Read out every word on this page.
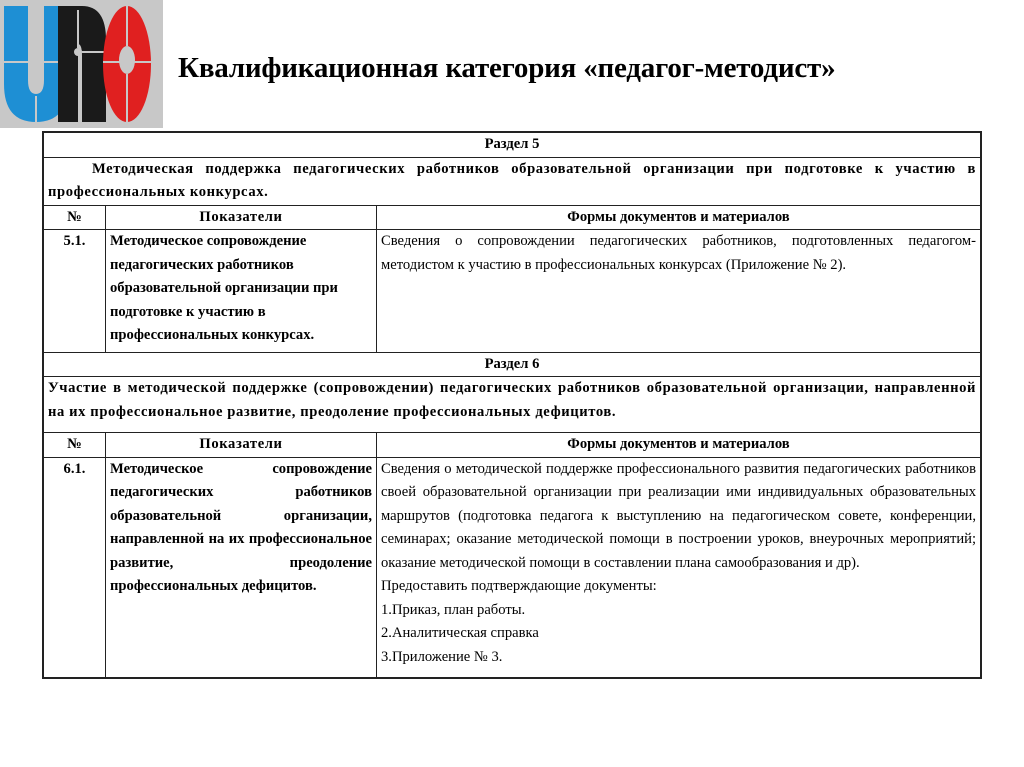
Квалификационная категория «педагог-методист»
Раздел 5		
Методическая поддержка педагогических работников образовательной организации при подготовке к участию в профессиональных конкурсах.		
№	Показатели	Формы документов и материалов
5.1.	Методическое сопровождение педагогических работников образовательной организации при подготовке к участию в профессиональных конкурсах.	Сведения о сопровождении педагогических работников, подготовленных педагогом-методистом к участию в профессиональных конкурсах (Приложение № 2).
Раздел 6		
Участие в методической поддержке (сопровождении) педагогических работников образовательной организации, направленной на их профессиональное развитие, преодоление профессиональных дефицитов.		
№	Показатели	Формы документов и материалов
6.1.	Методическое сопровождение педагогических работников образовательной организации, направленной на их профессиональное развитие, преодоление профессиональных дефицитов.	Сведения о методической поддержке профессионального развития педагогических работников своей образовательной организации при реализации ими индивидуальных образовательных маршрутов (подготовка педагога к выступлению на педагогическом совете, конференции, семинарах; оказание методической помощи в построении уроков, внеурочных мероприятий; оказание методической помощи в составлении плана самообразования и др).
Предоставить подтверждающие документы:
1.Приказ, план работы.
2.Аналитическая справка
3.Приложение № 3.
